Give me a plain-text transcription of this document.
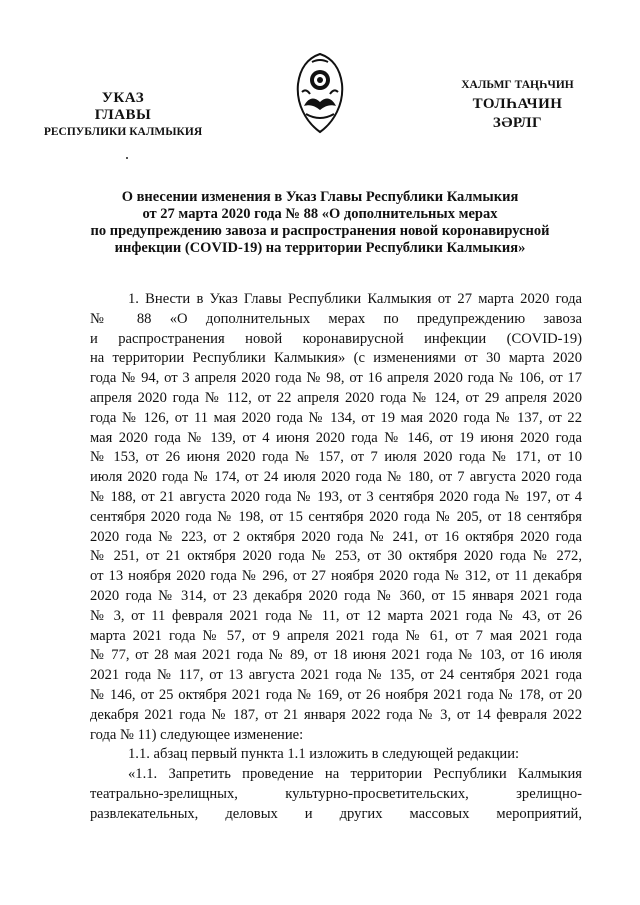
УКАЗ
ГЛАВЫ
РЕСПУБЛИКИ КАЛМЫКИЯ
ХАЛЬМГ ТАҢҺЧИН
ТОЛҺАЧИН
ЗӘРЛГ
О внесении изменения в Указ Главы Республики Калмыкия
от 27 марта 2020 года № 88 «О дополнительных мерах
по предупреждению завоза и распространения новой коронавирусной
инфекции (COVID-19) на территории Республики Калмыкия»
1. Внести в Указ Главы Республики Калмыкия от 27 марта 2020 года
№ 88 «О дополнительных мерах по предупреждению завоза
и распространения новой коронавирусной инфекции (COVID-19)
на территории Республики Калмыкия» (с изменениями от 30 марта 2020
года № 94, от 3 апреля 2020 года № 98, от 16 апреля 2020 года № 106, от 17
апреля 2020 года № 112, от 22 апреля 2020 года № 124, от 29 апреля 2020
года № 126, от 11 мая 2020 года № 134, от 19 мая 2020 года № 137, от 22
мая 2020 года № 139, от 4 июня 2020 года № 146, от 19 июня 2020 года
№ 153, от 26 июня 2020 года № 157, от 7 июля 2020 года № 171, от 10
июля 2020 года № 174, от 24 июля 2020 года № 180, от 7 августа 2020 года
№ 188, от 21 августа 2020 года № 193, от 3 сентября 2020 года № 197, от 4
сентября 2020 года № 198, от 15 сентября 2020 года № 205, от 18 сентября
2020 года № 223, от 2 октября 2020 года № 241, от 16 октября 2020 года
№ 251, от 21 октября 2020 года № 253, от 30 октября 2020 года № 272,
от 13 ноября 2020 года № 296, от 27 ноября 2020 года № 312, от 11 декабря
2020 года № 314, от 23 декабря 2020 года № 360, от 15 января 2021 года
№ 3, от 11 февраля 2021 года № 11, от 12 марта 2021 года № 43, от 26
марта 2021 года № 57, от 9 апреля 2021 года № 61, от 7 мая 2021 года
№ 77, от 28 мая 2021 года № 89, от 18 июня 2021 года № 103, от 16 июля
2021 года № 117, от 13 августа 2021 года № 135, от 24 сентября 2021 года
№ 146, от 25 октября 2021 года № 169, от 26 ноября 2021 года № 178, от 20
декабря 2021 года № 187, от 21 января 2022 года № 3, от 14 февраля 2022
года № 11) следующее изменение:
1.1. абзац первый пункта 1.1 изложить в следующей редакции:
«1.1. Запретить проведение на территории Республики Калмыкия
театрально-зрелищных, культурно-просветительских, зрелищно-
развлекательных, деловых и других массовых мероприятий,
